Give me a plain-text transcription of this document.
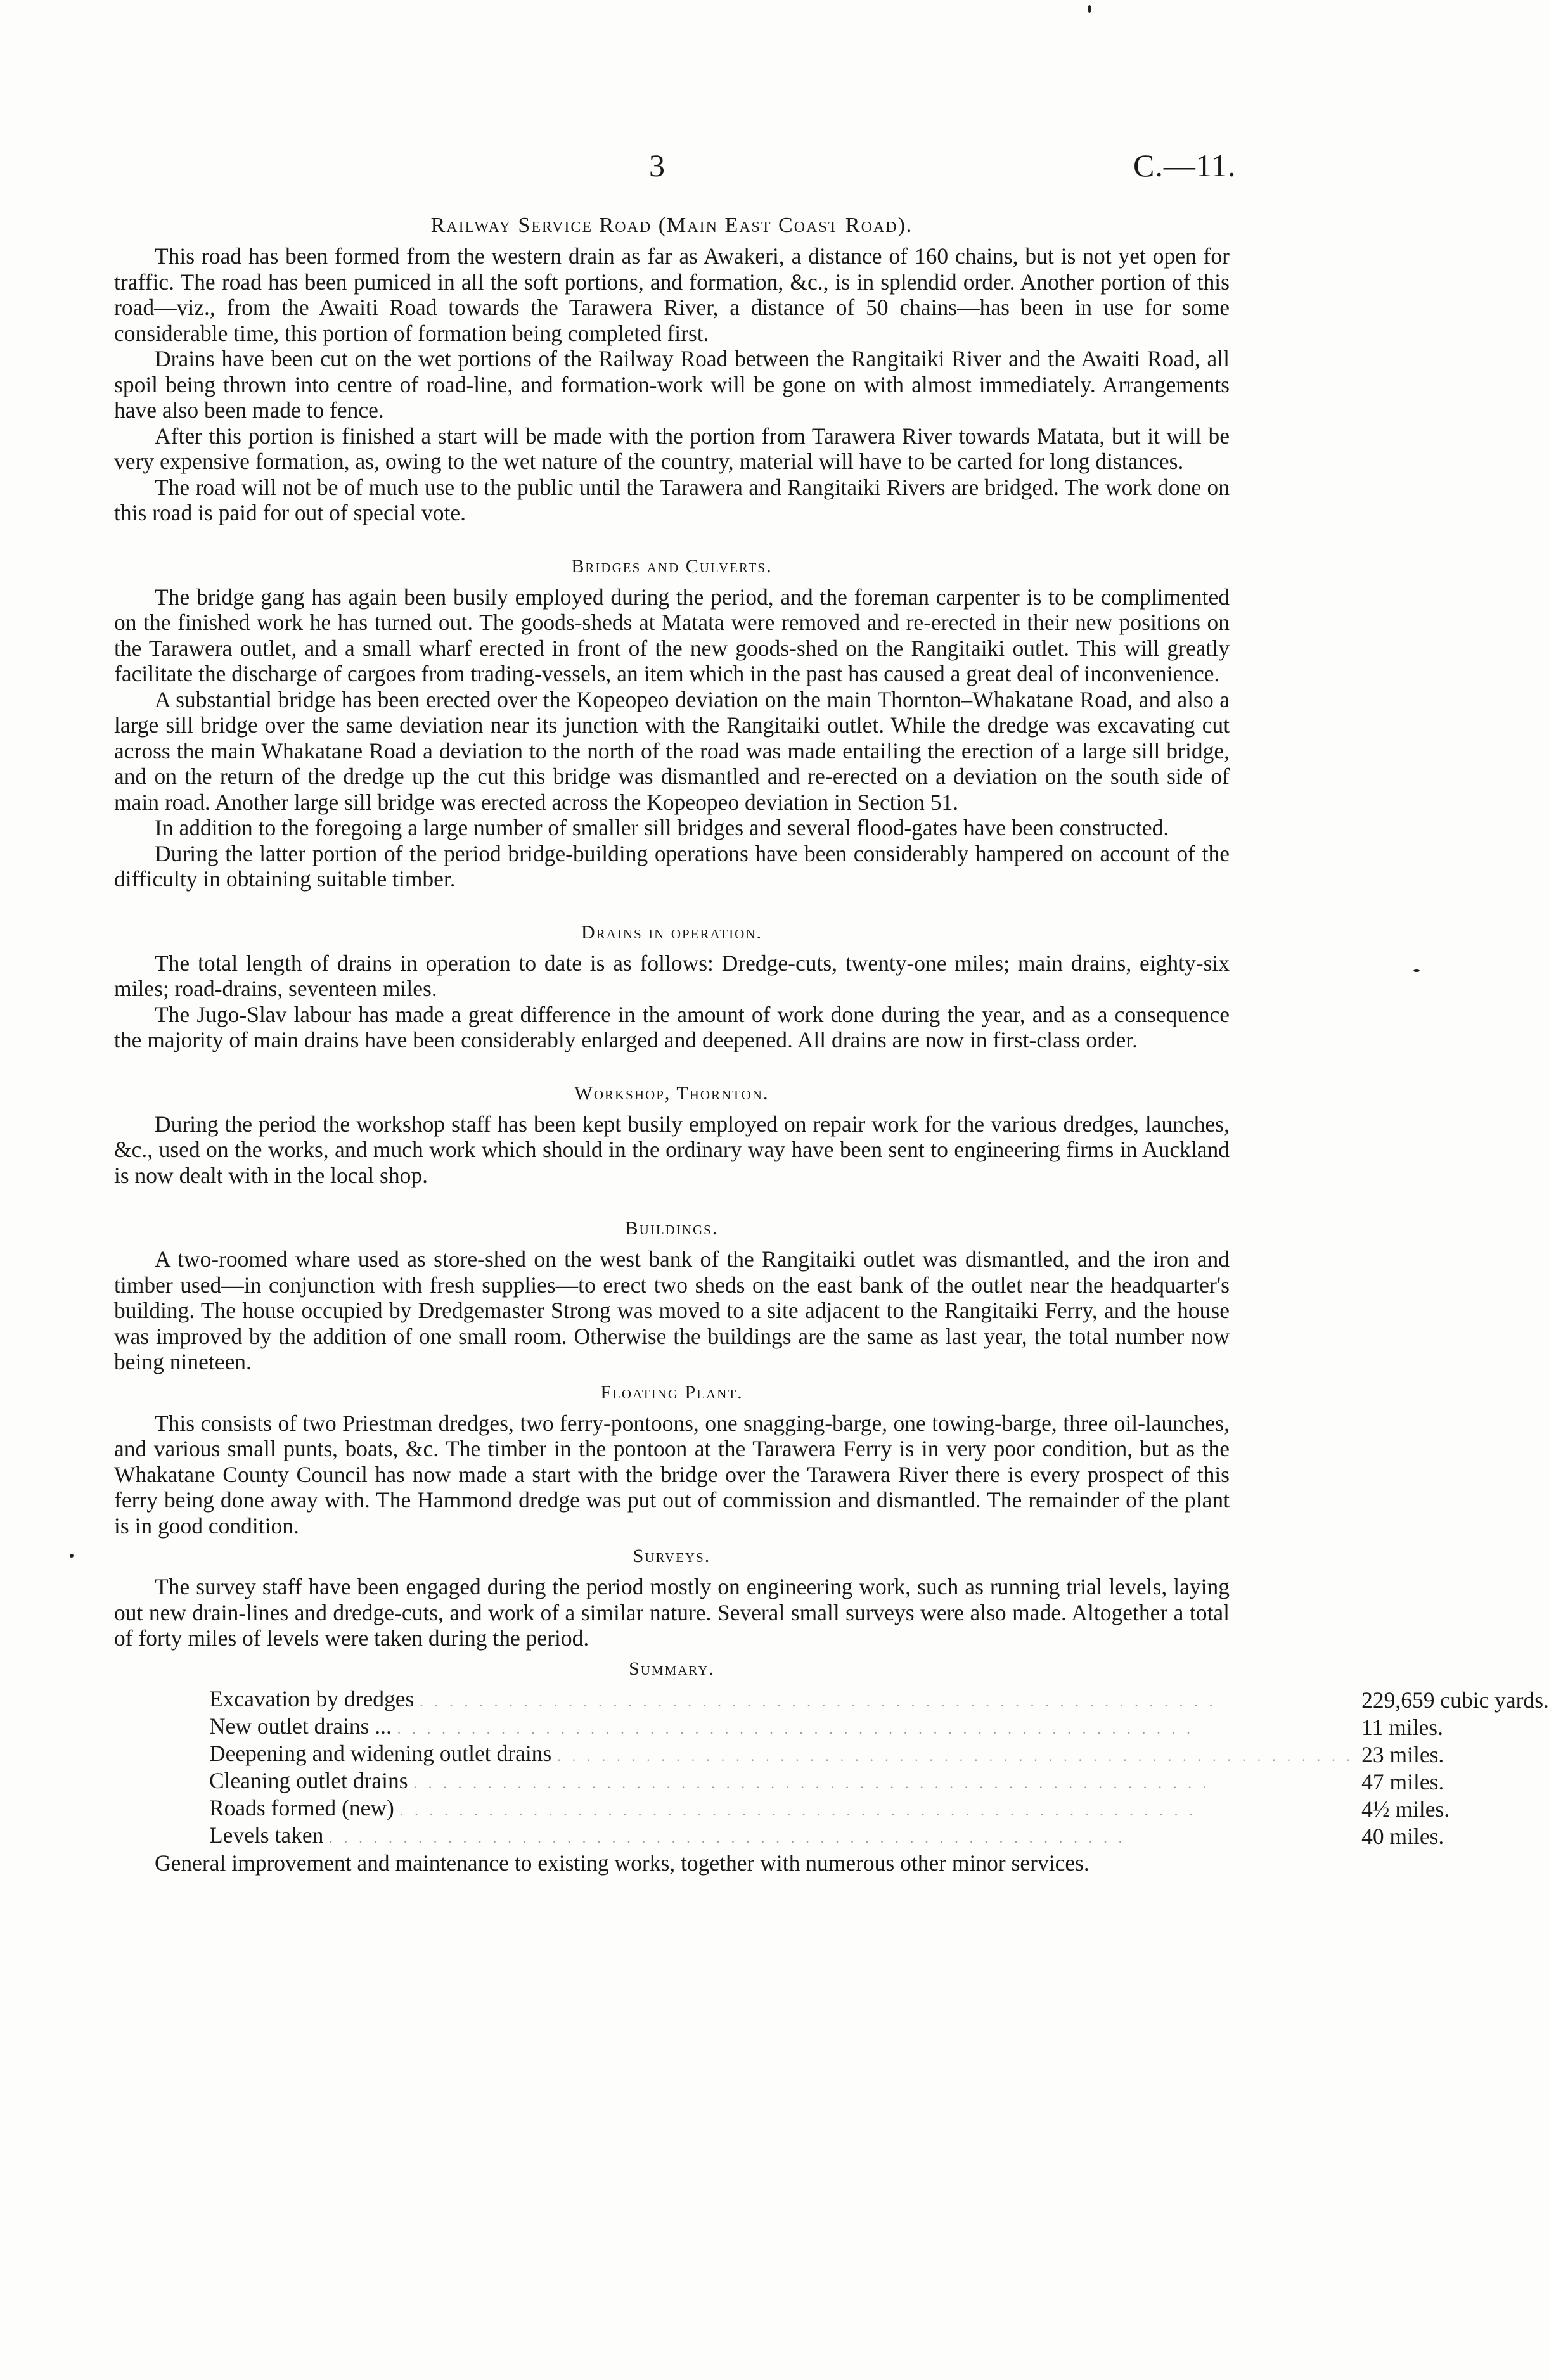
3	C.—11.
Railway Service Road (Main East Coast Road).

This road has been formed from the western drain as far as Awakeri, a distance of 160 chains, but is not yet open for traffic. The road has been pumiced in all the soft portions, and formation, &c., is in splendid order. Another portion of this road—viz., from the Awaiti Road towards the Tarawera River, a distance of 50 chains—has been in use for some considerable time, this portion of formation being completed first.

Drains have been cut on the wet portions of the Railway Road between the Rangitaiki River and the Awaiti Road, all spoil being thrown into centre of road-line, and formation-work will be gone on with almost immediately. Arrangements have also been made to fence.

After this portion is finished a start will be made with the portion from Tarawera River towards Matata, but it will be very expensive formation, as, owing to the wet nature of the country, material will have to be carted for long distances.

The road will not be of much use to the public until the Tarawera and Rangitaiki Rivers are bridged. The work done on this road is paid for out of special vote.

Bridges and Culverts.

The bridge gang has again been busily employed during the period, and the foreman carpenter is to be complimented on the finished work he has turned out. The goods-sheds at Matata were removed and re-erected in their new positions on the Tarawera outlet, and a small wharf erected in front of the new goods-shed on the Rangitaiki outlet. This will greatly facilitate the discharge of cargoes from trading-vessels, an item which in the past has caused a great deal of inconvenience.

A substantial bridge has been erected over the Kopeopeo deviation on the main Thornton–Whakatane Road, and also a large sill bridge over the same deviation near its junction with the Rangitaiki outlet. While the dredge was excavating cut across the main Whakatane Road a deviation to the north of the road was made entailing the erection of a large sill bridge, and on the return of the dredge up the cut this bridge was dismantled and re-erected on a deviation on the south side of main road. Another large sill bridge was erected across the Kopeopeo deviation in Section 51.

In addition to the foregoing a large number of smaller sill bridges and several flood-gates have been constructed.

During the latter portion of the period bridge-building operations have been considerably hampered on account of the difficulty in obtaining suitable timber.

Drains in operation.

The total length of drains in operation to date is as follows: Dredge-cuts, twenty-one miles; main drains, eighty-six miles; road-drains, seventeen miles.

The Jugo-Slav labour has made a great difference in the amount of work done during the year, and as a consequence the majority of main drains have been considerably enlarged and deepened. All drains are now in first-class order.

Workshop, Thornton.

During the period the workshop staff has been kept busily employed on repair work for the various dredges, launches, &c., used on the works, and much work which should in the ordinary way have been sent to engineering firms in Auckland is now dealt with in the local shop.

Buildings.

A two-roomed whare used as store-shed on the west bank of the Rangitaiki outlet was dismantled, and the iron and timber used—in conjunction with fresh supplies—to erect two sheds on the east bank of the outlet near the headquarter's building. The house occupied by Dredgemaster Strong was moved to a site adjacent to the Rangitaiki Ferry, and the house was improved by the addition of one small room. Otherwise the buildings are the same as last year, the total number now being nineteen.

Floating Plant.

This consists of two Priestman dredges, two ferry-pontoons, one snagging-barge, one towing-barge, three oil-launches, and various small punts, boats, &c. The timber in the pontoon at the Tarawera Ferry is in very poor condition, but as the Whakatane County Council has now made a start with the bridge over the Tarawera River there is every prospect of this ferry being done away with. The Hammond dredge was put out of commission and dismantled. The remainder of the plant is in good condition.

Surveys.

The survey staff have been engaged during the period mostly on engineering work, such as running trial levels, laying out new drain-lines and dredge-cuts, and work of a similar nature. Several small surveys were also made. Altogether a total of forty miles of levels were taken during the period.

Summary.
Excavation by dredges ......................................................	229,659 cubic yards.
New outlet drains ... ......................................................	11 miles.
Deepening and widening outlet drains ......................................................	23 miles.
Cleaning outlet drains ......................................................	47 miles.
Roads formed (new) ......................................................	4½ miles.
Levels taken ......................................................	40 miles.

General improvement and maintenance to existing works, together with numerous other minor services.
